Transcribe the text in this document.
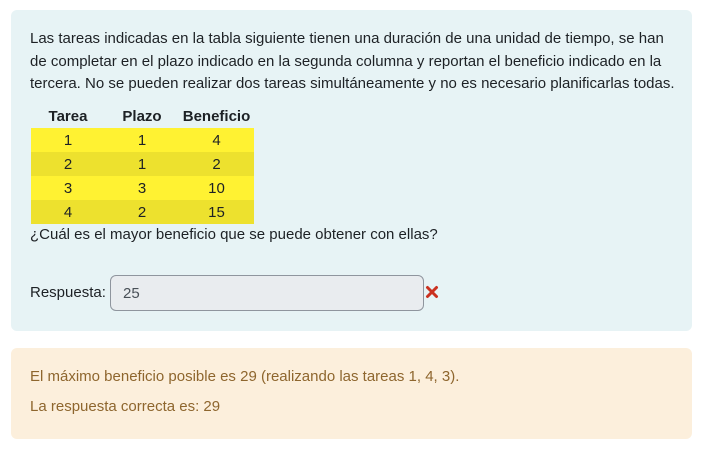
Las tareas indicadas en la tabla siguiente tienen una duración de una unidad de tiempo, se han de completar en el plazo indicado en la segunda columna y reportan el beneficio indicado en la tercera. No se pueden realizar dos tareas simultáneamente y no es necesario planificarlas todas.

Tarea	Plazo	Beneficio
1	1	4
2	1	2
3	3	10
4	2	15

¿Cuál es el mayor beneficio que se puede obtener con ellas?

Respuesta:
25

El máximo beneficio posible es 29 (realizando las tareas 1, 4, 3).

La respuesta correcta es: 29
